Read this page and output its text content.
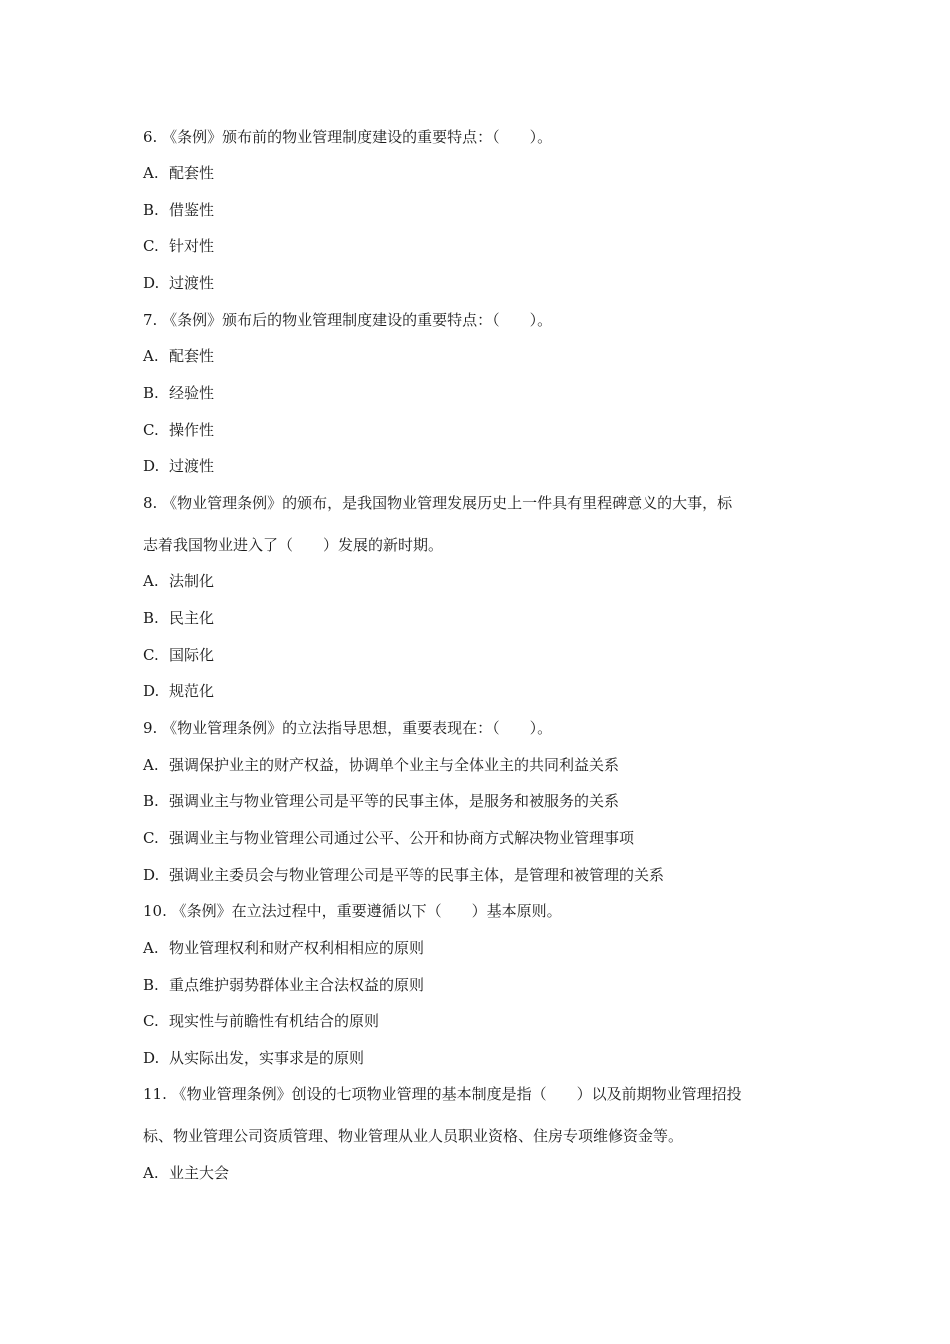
6. 《条例》颁布前的物业管理制度建设的重要特点：（　　）。
A. 配套性
B. 借鉴性
C. 针对性
D. 过渡性
7. 《条例》颁布后的物业管理制度建设的重要特点：（　　）。
A. 配套性
B. 经验性
C. 操作性
D. 过渡性
8. 《物业管理条例》的颁布，是我国物业管理发展历史上一件具有里程碑意义的大事，标
志着我国物业进入了（　　）发展的新时期。
A. 法制化
B. 民主化
C. 国际化
D. 规范化
9. 《物业管理条例》的立法指导思想，重要表现在：（　　）。
A. 强调保护业主的财产权益，协调单个业主与全体业主的共同利益关系
B. 强调业主与物业管理公司是平等的民事主体，是服务和被服务的关系
C. 强调业主与物业管理公司通过公平、公开和协商方式解决物业管理事项
D. 强调业主委员会与物业管理公司是平等的民事主体，是管理和被管理的关系
10. 《条例》在立法过程中，重要遵循以下（　　）基本原则。
A. 物业管理权利和财产权利相相应的原则
B. 重点维护弱势群体业主合法权益的原则
C. 现实性与前瞻性有机结合的原则
D. 从实际出发，实事求是的原则
11. 《物业管理条例》创设的七项物业管理的基本制度是指（　　）以及前期物业管理招投
标、物业管理公司资质管理、物业管理从业人员职业资格、住房专项维修资金等。
A. 业主大会
